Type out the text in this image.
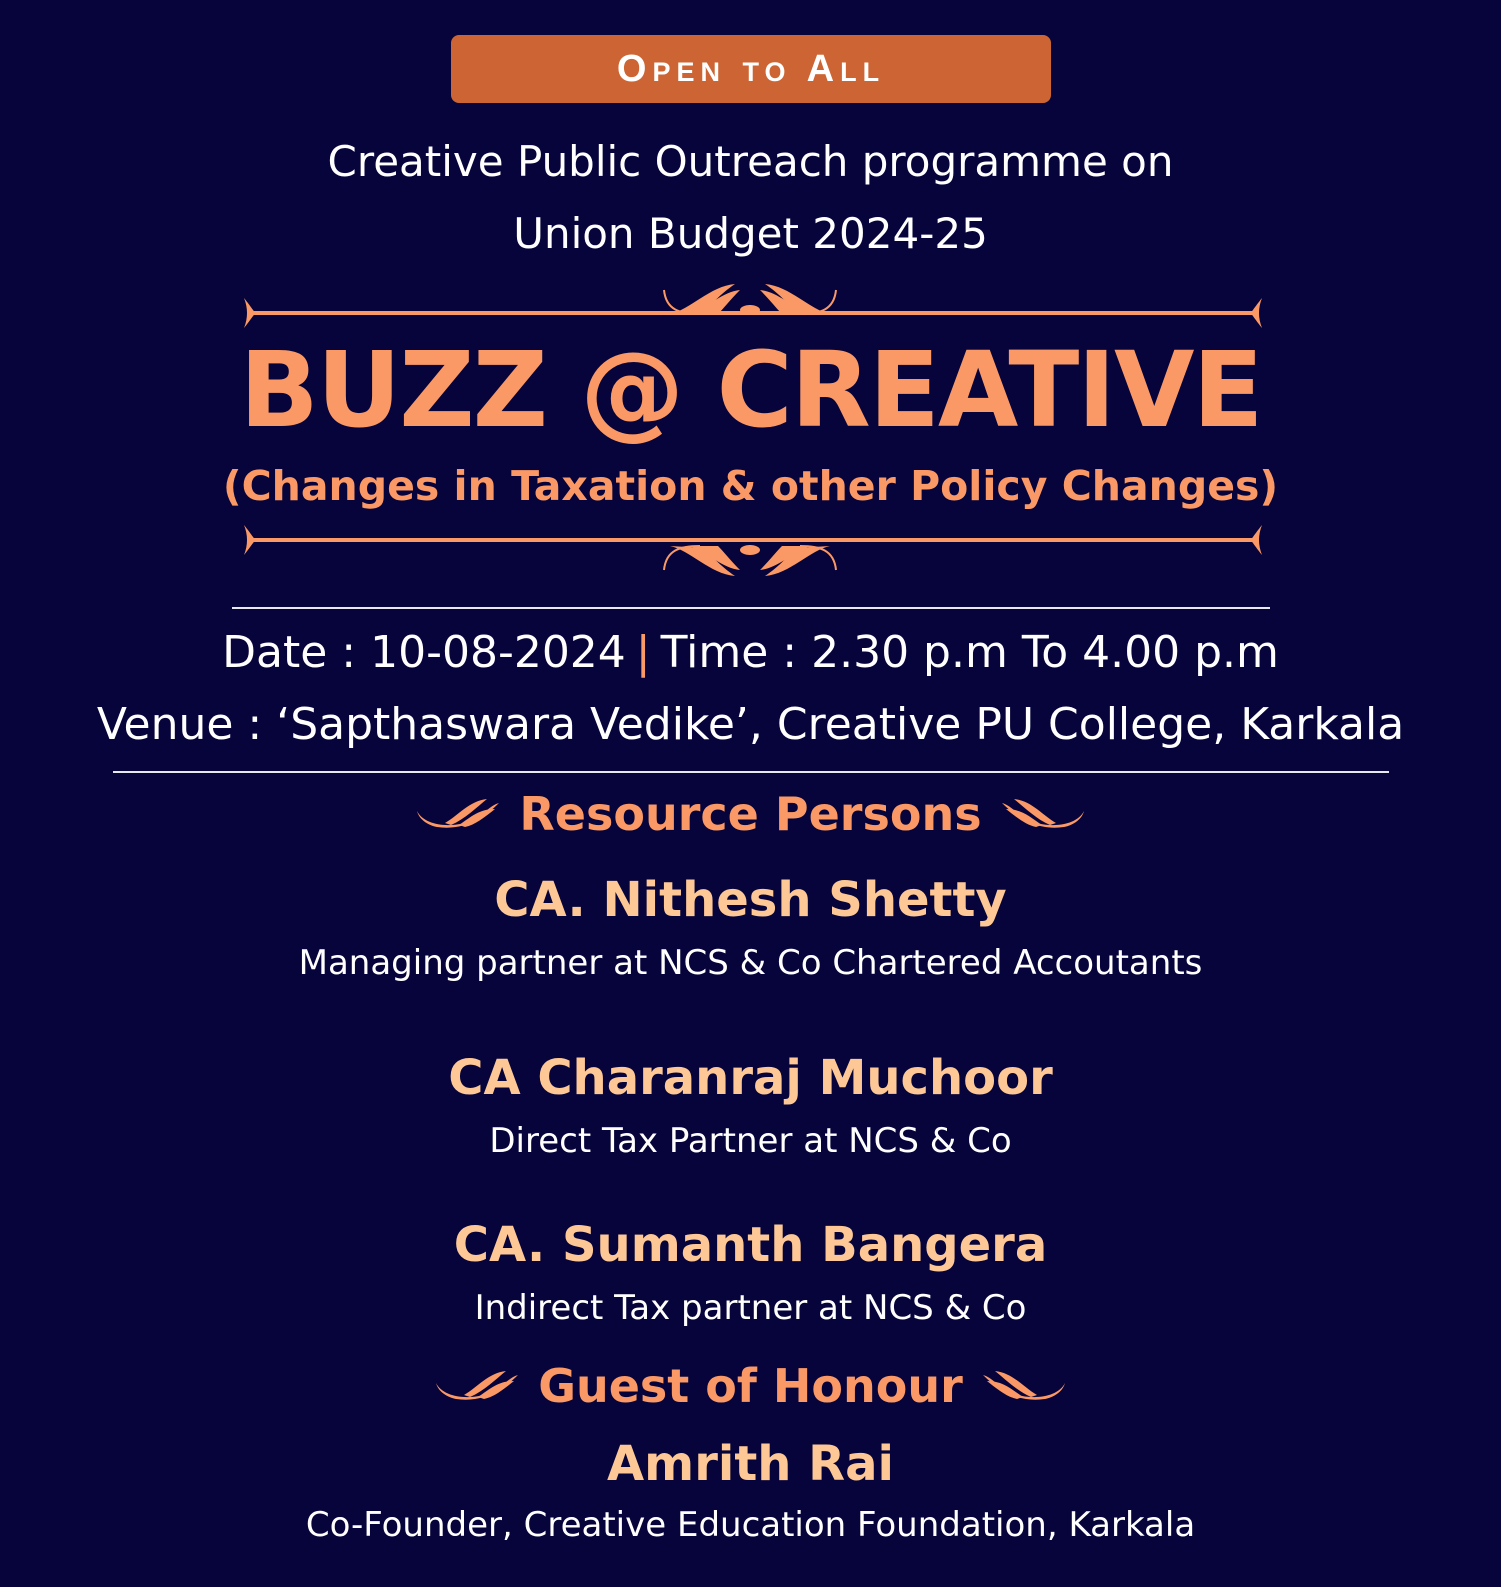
Open to All
Creative Public Outreach programme on
Union Budget 2024-25
BUZZ @ CREATIVE
(Changes in Taxation & other Policy Changes)
Date : 10-08-2024 | Time : 2.30 p.m To 4.00 p.m
Venue : ‘Sapthaswara Vedike’, Creative PU College, Karkala
Resource Persons
CA. Nithesh Shetty
Managing partner at NCS & Co Chartered Accoutants
CA Charanraj Muchoor
Direct Tax Partner at NCS & Co
CA. Sumanth Bangera
Indirect Tax partner at NCS & Co
Guest of Honour
Amrith Rai
Co-Founder, Creative Education Foundation, Karkala
